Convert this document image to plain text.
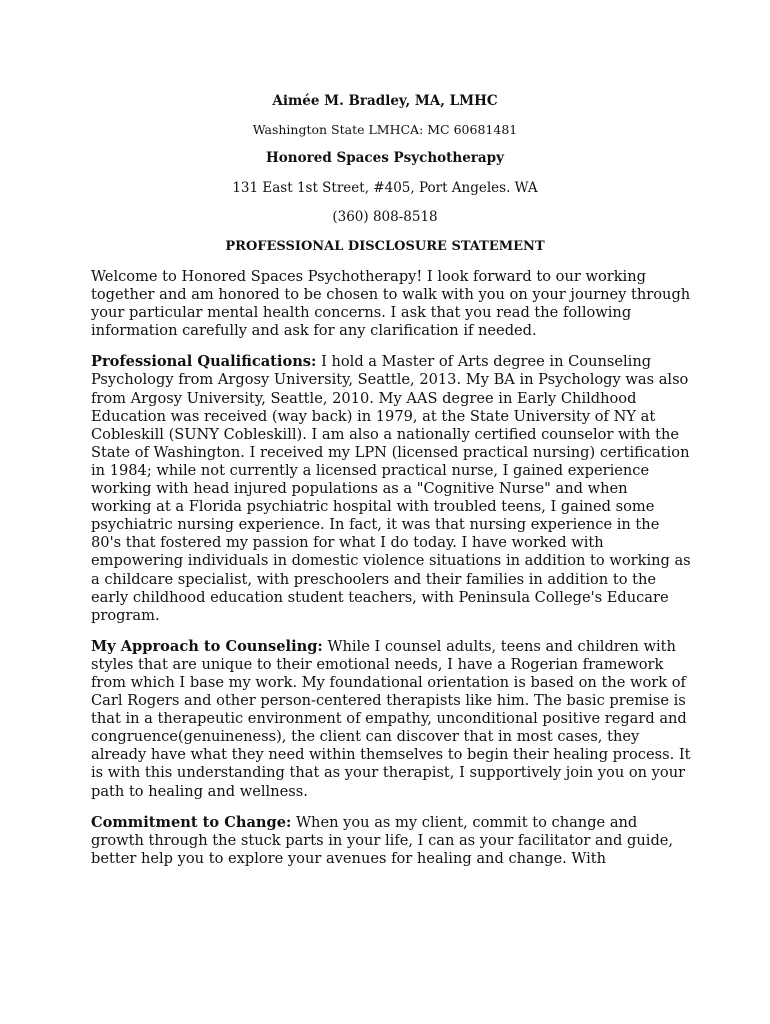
Aimée M. Bradley, MA, LMHC
Washington State LMHCA: MC 60681481
Honored Spaces Psychotherapy
131 East 1st Street, #405, Port Angeles. WA
(360) 808-8518
PROFESSIONAL DISCLOSURE STATEMENT

Welcome to Honored Spaces Psychotherapy! I look forward to our working together and am honored to be chosen to walk with you on your journey through your particular mental health concerns. I ask that you read the following information carefully and ask for any clarification if needed.

Professional Qualifications: I hold a Master of Arts degree in Counseling Psychology from Argosy University, Seattle, 2013. My BA in Psychology was also from Argosy University, Seattle, 2010. My AAS degree in Early Childhood Education was received (way back) in 1979, at the State University of NY at Cobleskill (SUNY Cobleskill). I am also a nationally certified counselor with the State of Washington. I received my LPN (licensed practical nursing) certification in 1984; while not currently a licensed practical nurse, I gained experience working with head injured populations as a "Cognitive Nurse" and when working at a Florida psychiatric hospital with troubled teens, I gained some psychiatric nursing experience. In fact, it was that nursing experience in the 80's that fostered my passion for what I do today. I have worked with empowering individuals in domestic violence situations in addition to working as a childcare specialist, with preschoolers and their families in addition to the early childhood education student teachers, with Peninsula College's Educare program.

My Approach to Counseling: While I counsel adults, teens and children with styles that are unique to their emotional needs, I have a Rogerian framework from which I base my work. My foundational orientation is based on the work of Carl Rogers and other person-centered therapists like him. The basic premise is that in a therapeutic environment of empathy, unconditional positive regard and congruence(genuineness), the client can discover that in most cases, they already have what they need within themselves to begin their healing process. It is with this understanding that as your therapist, I supportively join you on your path to healing and wellness.

Commitment to Change: When you as my client, commit to change and growth through the stuck parts in your life, I can as your facilitator and guide, better help you to explore your avenues for healing and change. With
